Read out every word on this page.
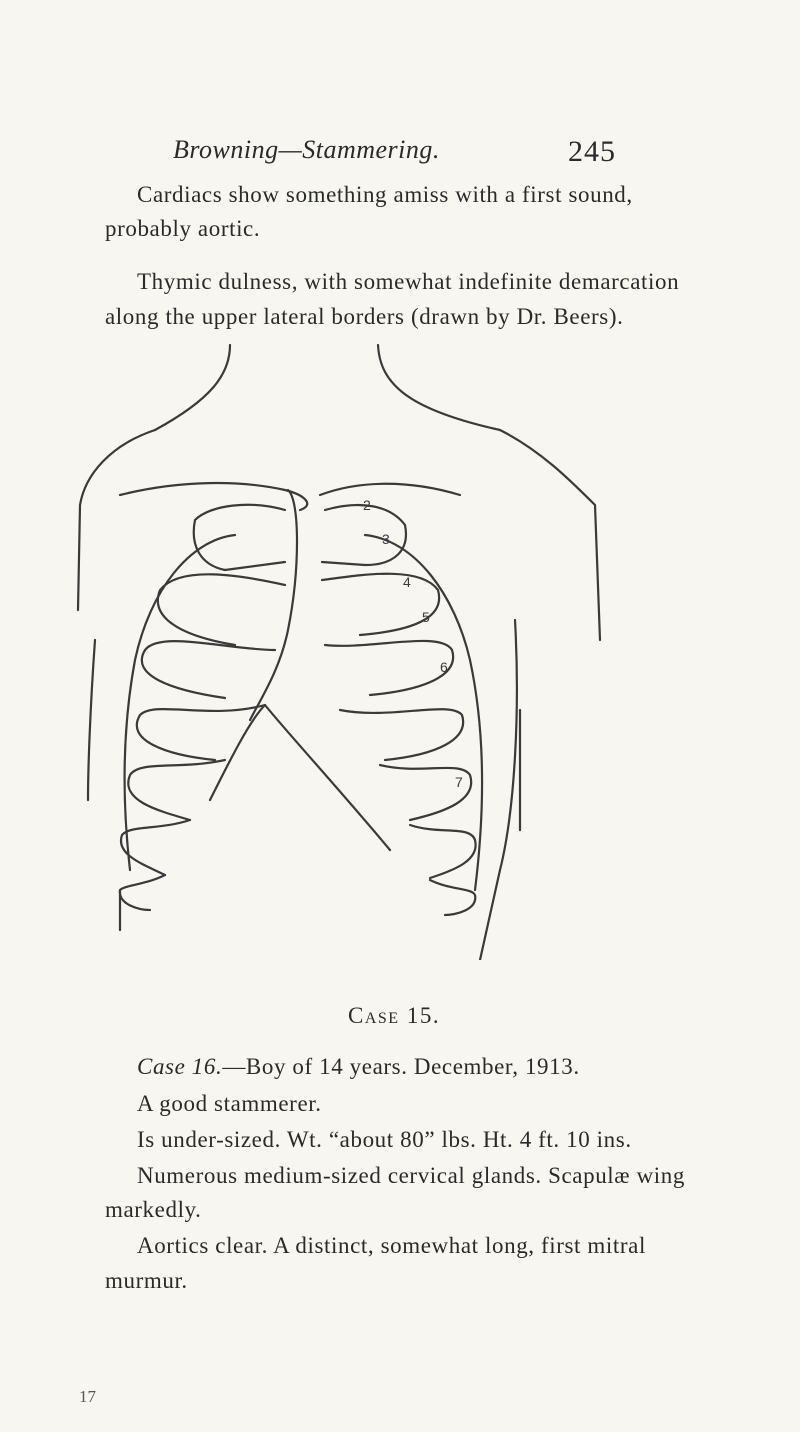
Browning—Stammering.	245
Cardiacs show something amiss with a first sound,
probably aortic.
Thymic dulness, with somewhat indefinite demarcation
along the upper lateral borders (drawn by Dr. Beers).
2
3
4
5
6
7
Case 15.
Case 16.—Boy of 14 years. December, 1913.
A good stammerer.
Is under-sized. Wt. “about 80” lbs. Ht. 4 ft. 10 ins.
Numerous medium-sized cervical glands. Scapulæ wing
markedly.
Aortics clear. A distinct, somewhat long, first mitral
murmur.
17
